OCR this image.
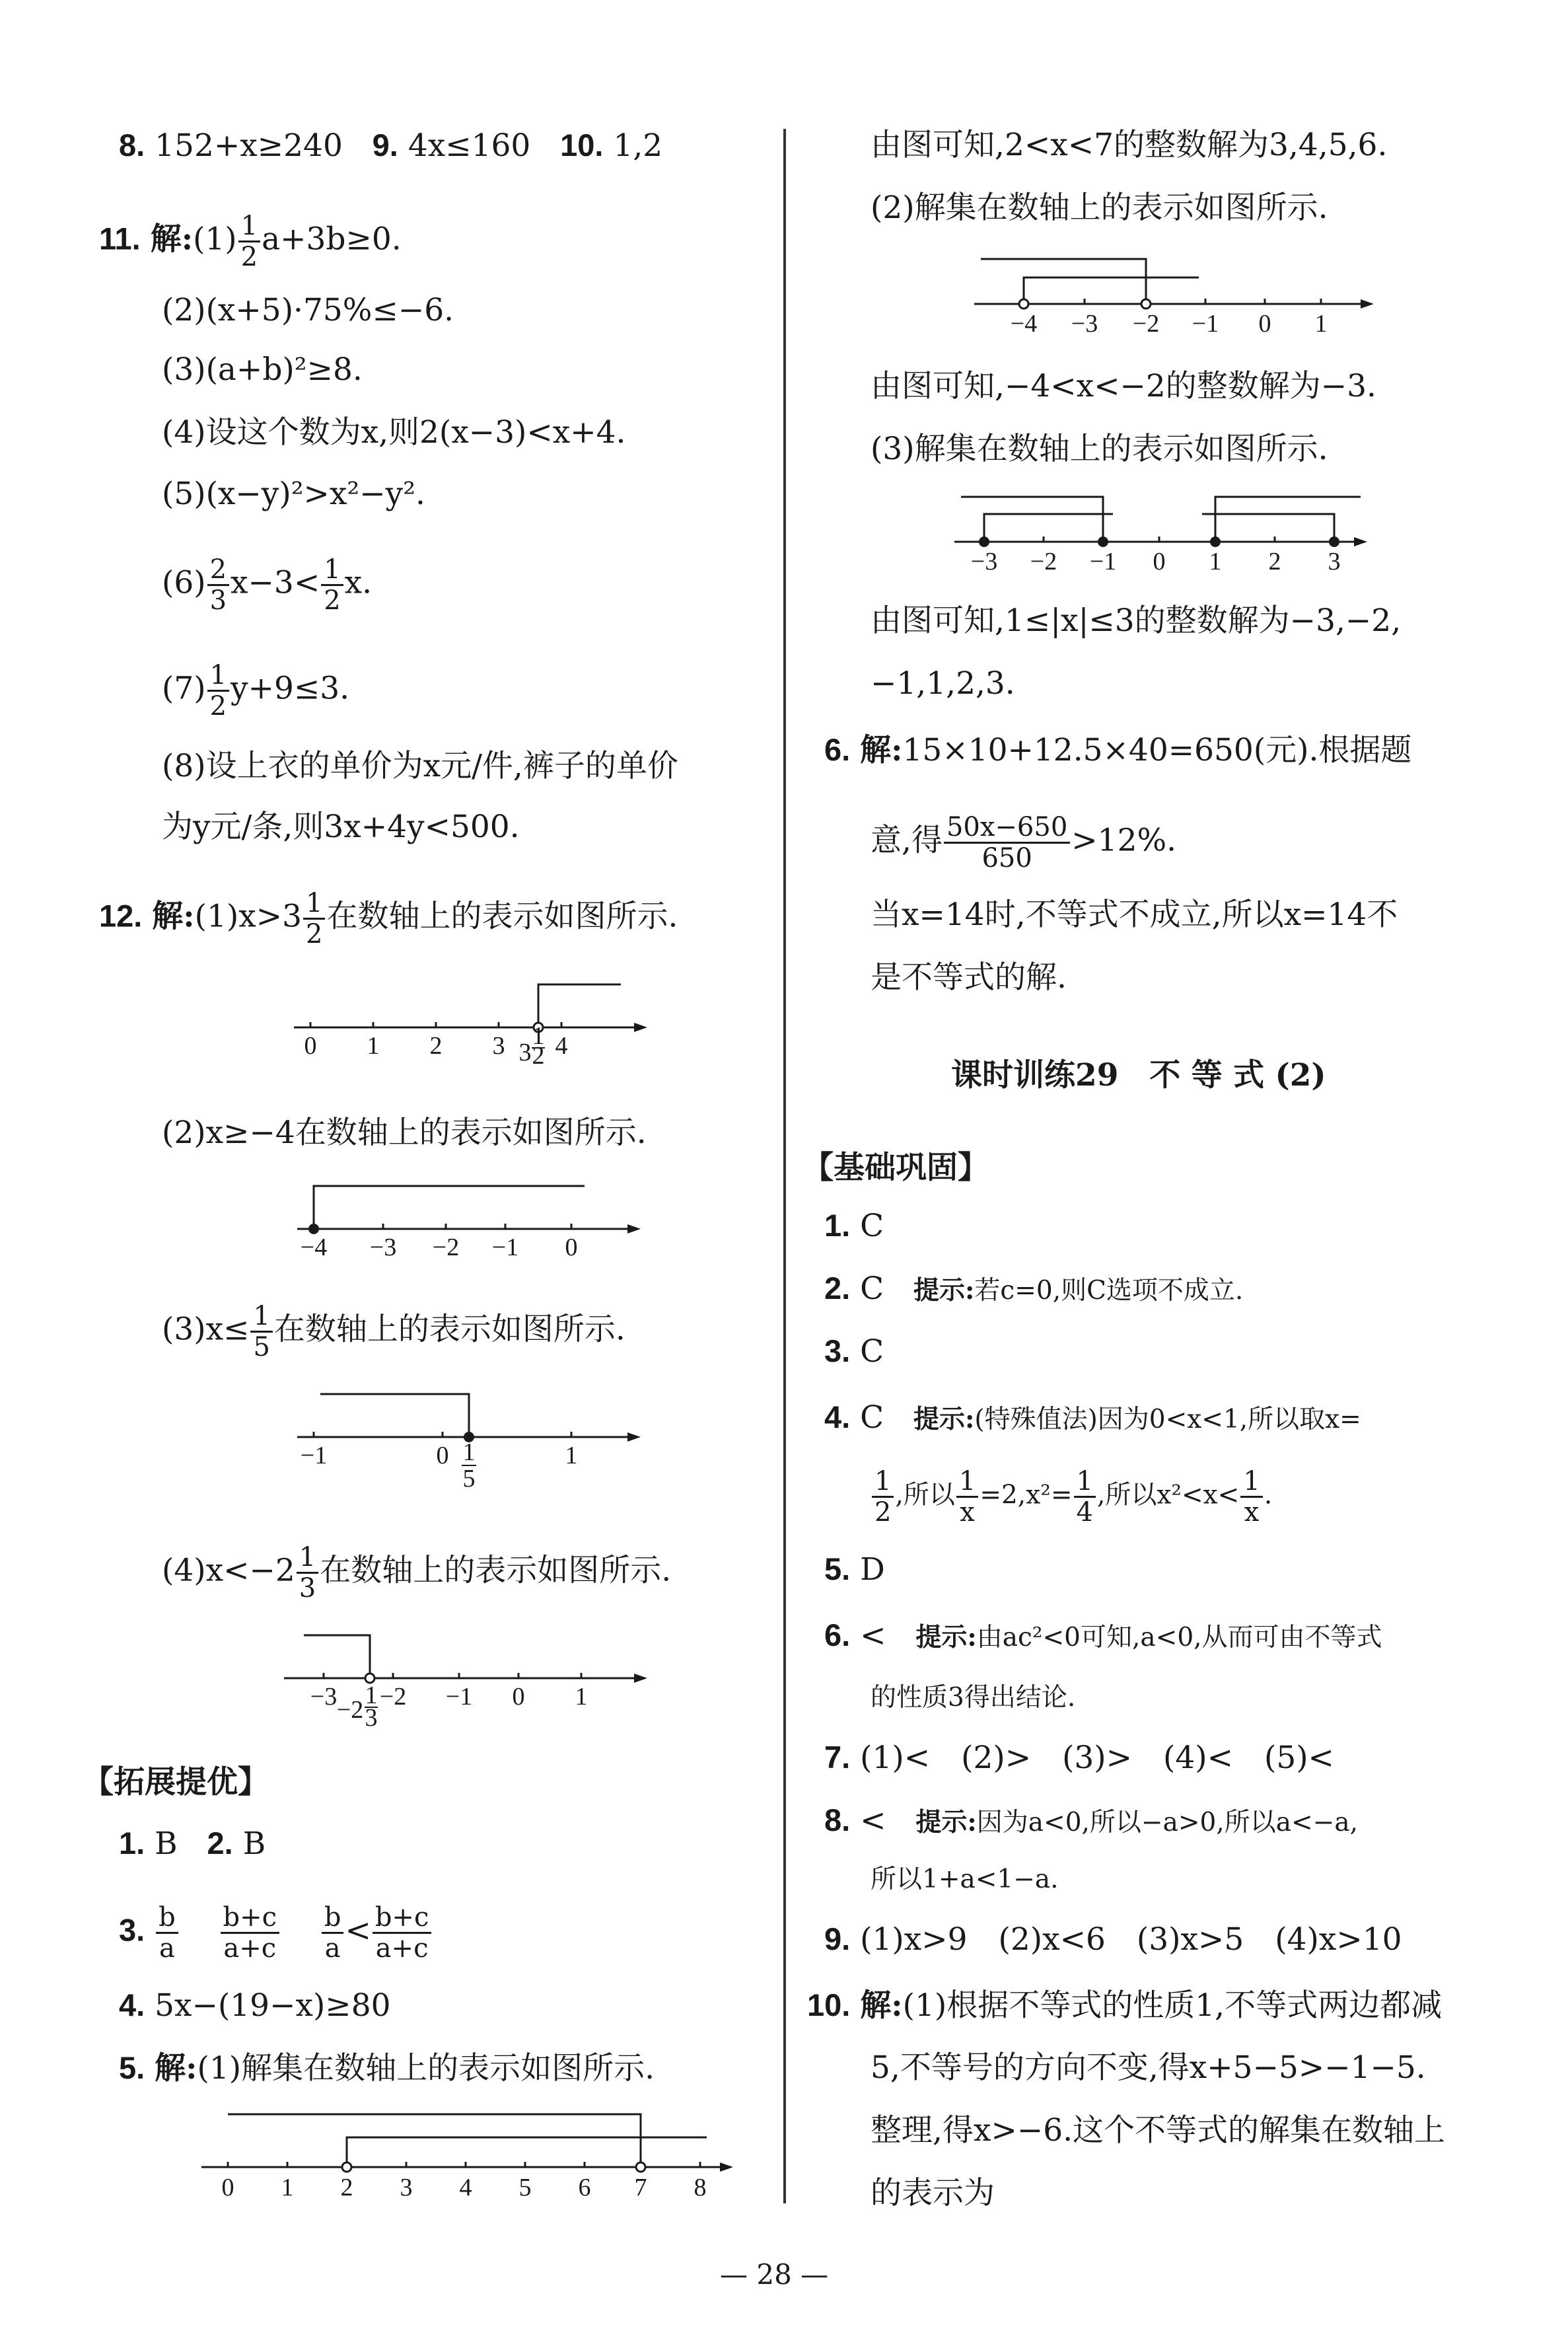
8. 152+x≥240 9. 4x≤160 10. 1,2
11. 解:(1) $\frac{1}{2} a+3b\ge 0$.
(2)(x+5)·75%≤−6.
(3)(a+b)²≥8.
(4)设这个数为x,则2(x−3)<x+4.
(5)(x−y)²>x²−y².
$(6) \frac{2}{3} x-3< \frac{1}{2} x$.
$(7) \frac{1}{2} y+9\le 3$.
(8)设上衣的单价为x元/件,裤子的单价
为y元/条,则3x+4y<500.
12. 解:(1)x>3 $\frac{1}{2}$ 在数轴上的表示如图所示.
0 1 2 3 4
3
1
2
(2)x≥−4在数轴上的表示如图所示.
−4 −3 −2 −1 0
$(3)x\le \frac{1}{5}$ 在数轴上的表示如图所示.
−1	0	1
1
5
$(4)x<-2 \frac{1}{3}$ 在数轴上的表示如图所示.
−3 −2 −1 0 1
−2
1
3
【拓展提优】
1. B 2. B
3. $\frac{b}{a}$
$\frac{b+c}{a+c}$
$\frac{b}{a} < \frac{b+c}{a+c}$
4. 5x−(19−x)≥80
5. 解:(1)解集在数轴上的表示如图所示.
0 1 2 3 4 5 6 7 8
由图可知,2<x<7的整数解为3,4,5,6.
(2)解集在数轴上的表示如图所示.
−4 −3 −2 −1 0 1
由图可知,−4<x<−2的整数解为−3.
(3)解集在数轴上的表示如图所示.
−3 −2 −1 0 1 2 3
由图可知,1≤|x|≤3的整数解为−3,−2,
−1,1,2,3.
6. 解:15×10+12.5×40=650(元).根据题
意,得 $\frac{50x-650}{650} >12\%$.
当x=14时,不等式不成立,所以x=14不
是不等式的解.
课时训练29　不 等 式 (2)
【基础巩固】
1. C
2. C 提示:若c=0,则C选项不成立.
3. C
4. C 提示:(特殊值法)因为0<x<1,所以取x=
$\frac{1}{2}$ ,所以 $\frac{1}{x} =2,x^2= \frac{1}{4}$ ,所以$x^2<x< \frac{1}{x}$ .
5. D
6. < 提示:由ac²<0可知,a<0,从而可由不等式
的性质3得出结论.
7. (1)<　(2)>　(3)>　(4)<　(5)<
8. < 提示:因为a<0,所以−a>0,所以a<−a,
所以1+a<1−a.
9. (1)x>9　(2)x<6　(3)x>5　(4)x>10
10. 解:(1)根据不等式的性质1,不等式两边都减
5,不等号的方向不变,得x+5−5>−1−5.
整理,得x>−6.这个不等式的解集在数轴上
的表示为
— 28 —
